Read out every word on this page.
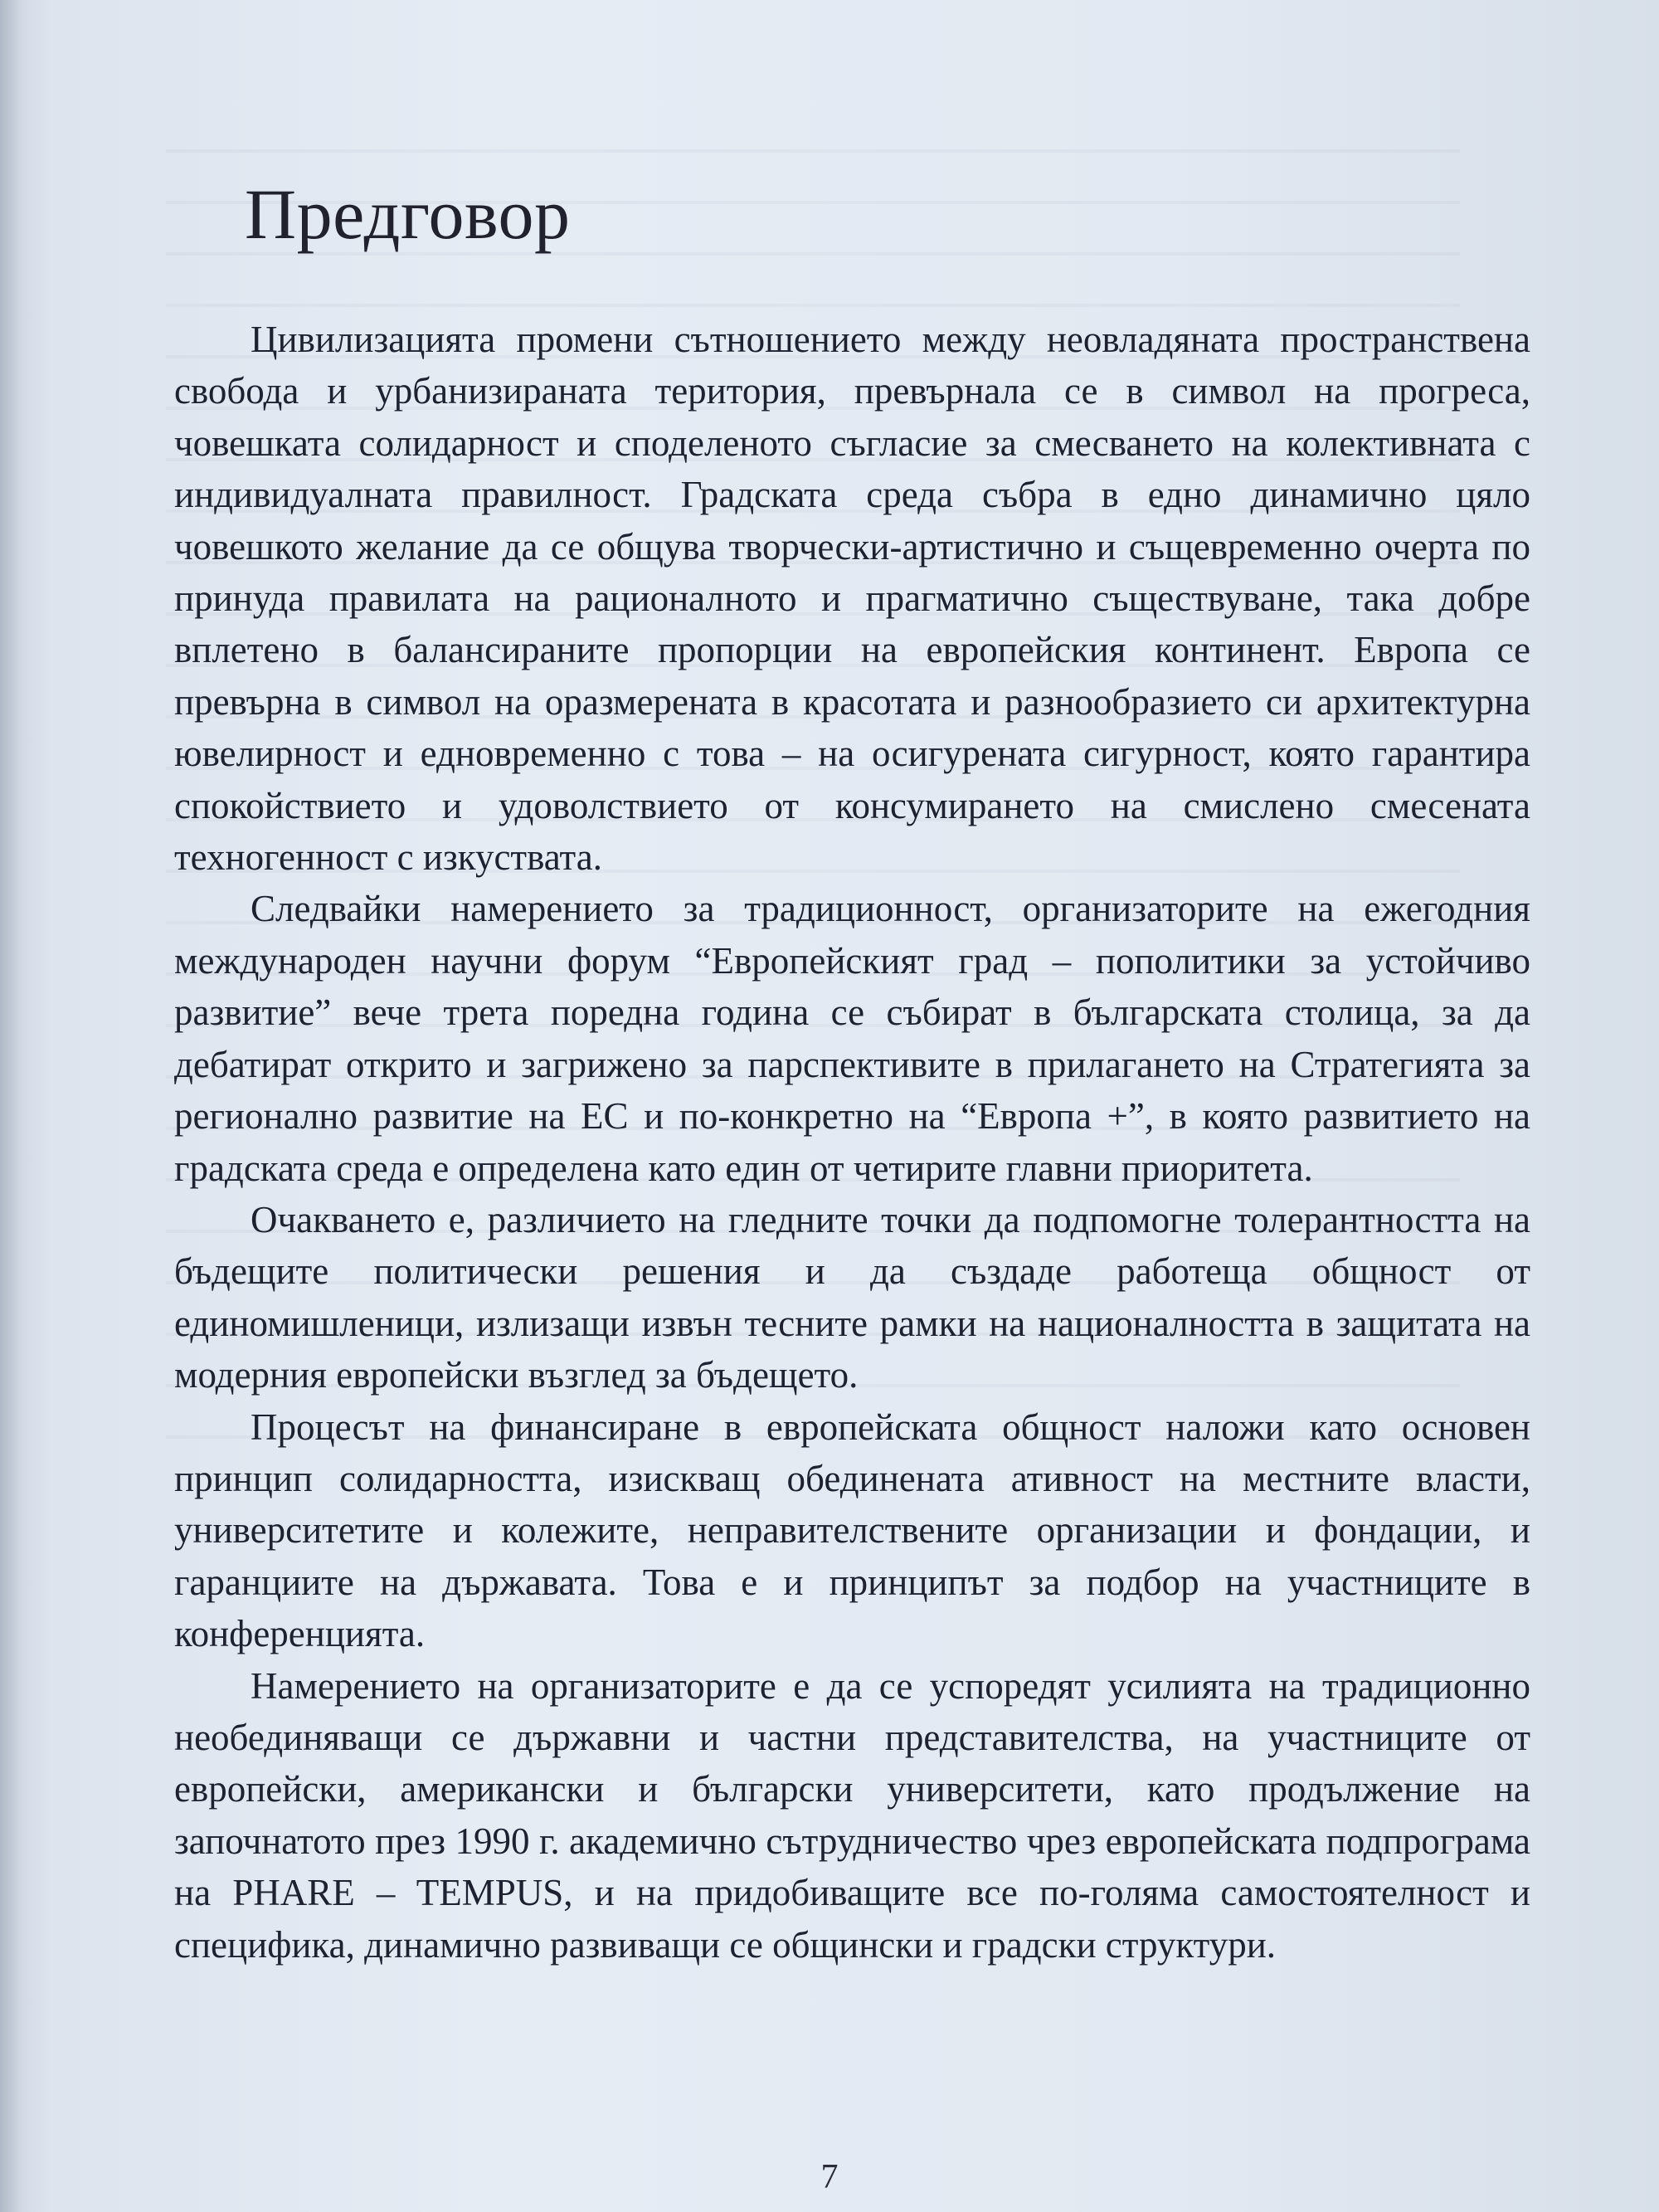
Предговор

Цивилизацията промени сътношението между неовладяната пространствена свобода и урбанизираната територия, превърнала се в символ на прогреса, човешката солидарност и споделеното съгласие за смесването на колективната с индивидуалната правилност. Градската среда събра в едно динамично цяло човешкото желание да се общува творчески-артистично и същевременно очерта по принуда правилата на рационалното и прагматично съществуване, така добре вплетено в балансираните пропорции на европейския континент. Европа се превърна в символ на оразмерената в красотата и разнообразието си архитектурна ювелирност и едновременно с това – на осигурената сигурност, която гарантира спокойствието и удоволствието от консумирането на смислено смесената техногенност с изкуствата.

Следвайки намерението за традиционност, организаторите на ежегодния международен научни форум “Европейският град – пополитики за устойчиво развитие” вече трета поредна година се събират в българската столица, за да дебатират открито и загрижено за парспективите в прилагането на Стратегията за регионално развитие на ЕС и по-конкретно на “Европа +”, в която развитието на градската среда е определена като един от четирите главни приоритета.

Очакването е, различието на гледните точки да подпомогне толерантността на бъдещите политически решения и да създаде работеща общност от единомишленици, излизащи извън тесните рамки на националността в защитата на модерния европейски възглед за бъдещето.

Процесът на финансиране в европейската общност наложи като основен принцип солидарността, изискващ обединената ативност на местните власти, университетите и колежите, неправителствените организации и фондации, и гаранциите на държавата. Това е и принципът за подбор на участниците в конференцията.

Намерението на организаторите е да се успоредят усилията на традиционно необединяващи се държавни и частни представителства, на участниците от европейски, американски и български университети, като продължение на започнатото през 1990 г. академично сътрудничество чрез европейската подпрограма на PHARE – TEMPUS, и на придобиващите все по-голяма самостоятелност и специфика, динамично развиващи се общински и градски структури.

7
